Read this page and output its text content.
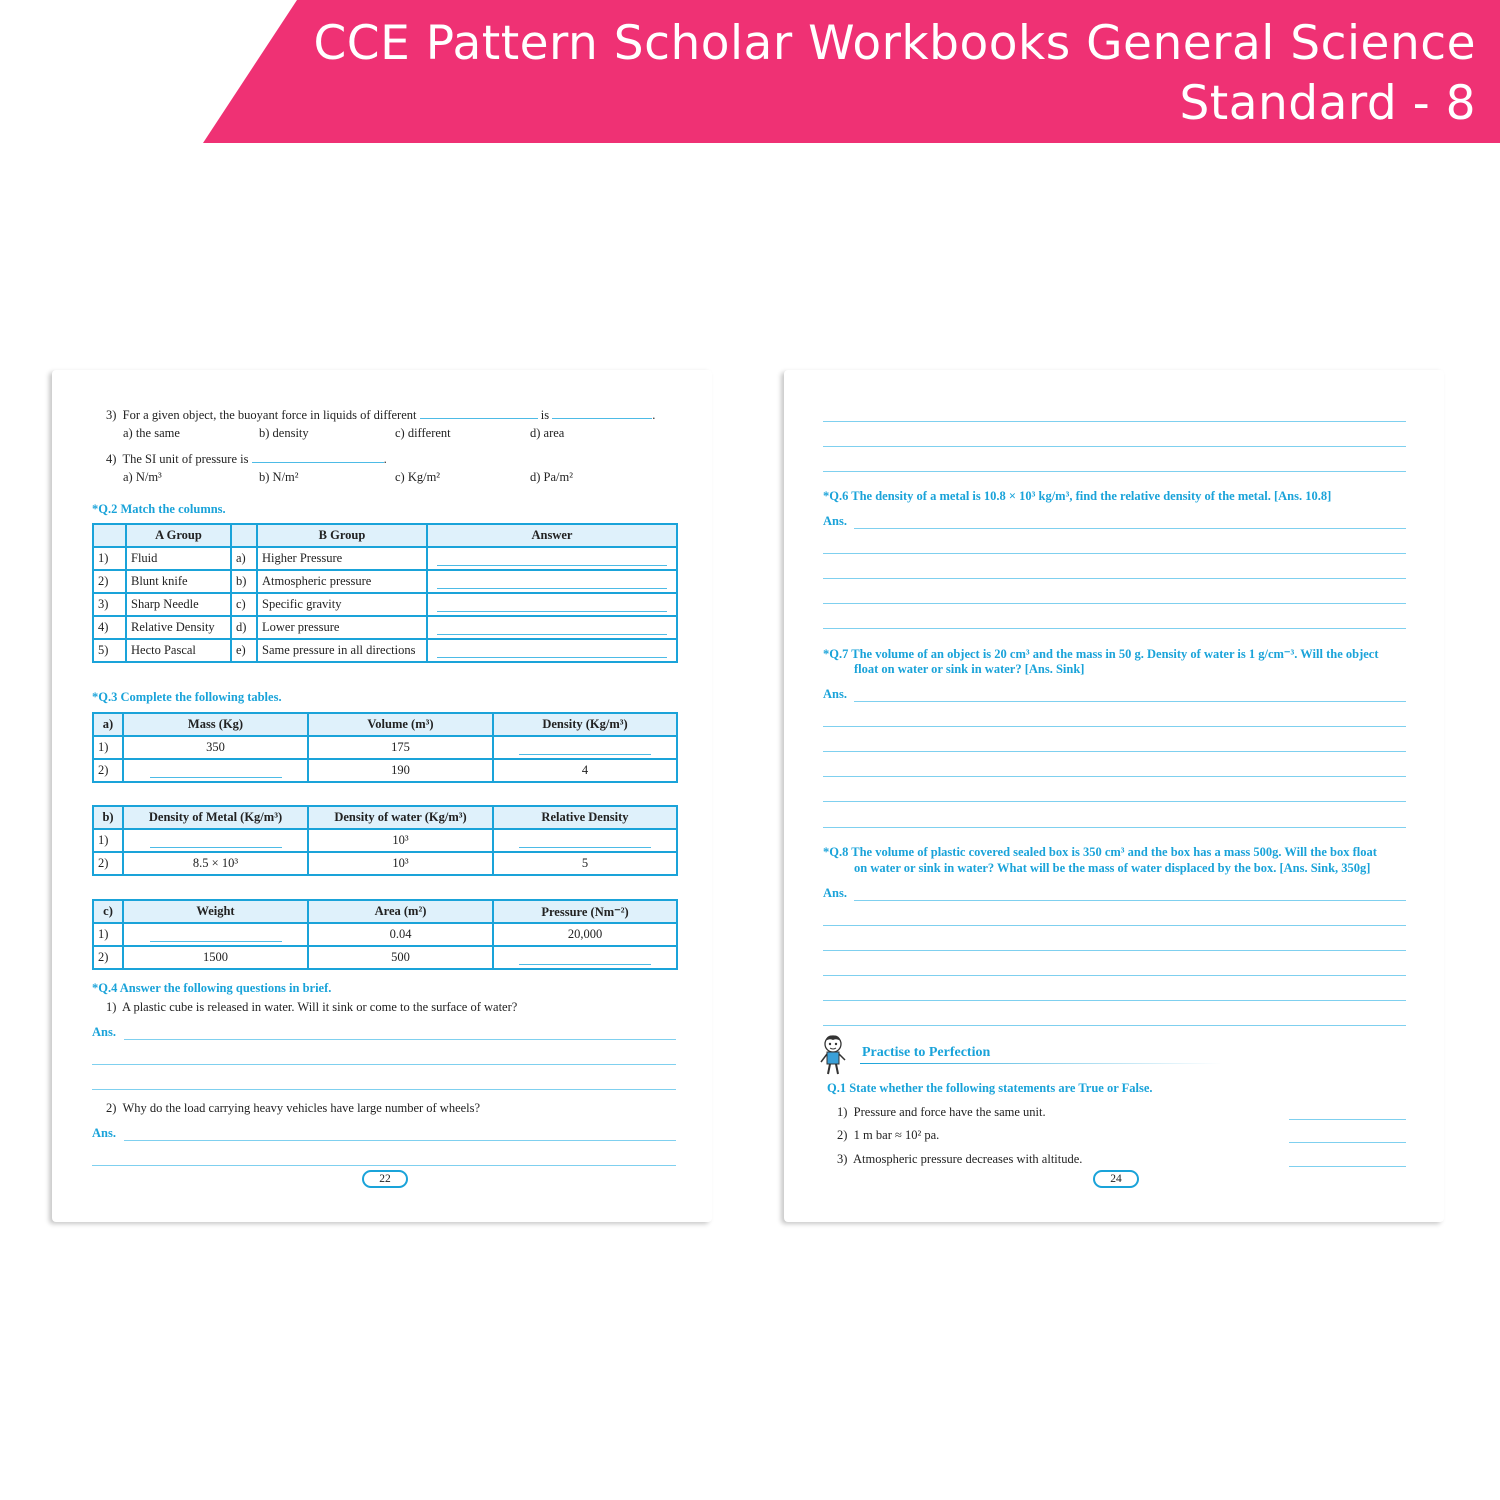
CCE Pattern Scholar Workbooks General Science
Standard - 8
3) For a given object, the buoyant force in liquids of different	is	.
a) the same	b) density	c) different	d) area
4) The SI unit of pressure is	.
a) N/m³	b) N/m²	c) Kg/m²	d) Pa/m²
*Q.2 Match the columns.
	A Group		B Group	Answer
1)	Fluid	a)	Higher Pressure	

2)	Blunt knife	b)	Atmospheric pressure	

3)	Sharp Needle	c)	Specific gravity	

4)	Relative Density	d)	Lower pressure	

5)	Hecto Pascal	e)	Same pressure in all directions	
*Q.3 Complete the following tables.
a)	Mass (Kg)	Volume (m³)	Density (Kg/m³)
1)	350	175	

2)		190	4
b)	Density of Metal (Kg/m³)	Density of water (Kg/m³)	Relative Density
1)		10³	

2)	8.5 × 10³	10³	5
c)	Weight	Area (m²)	Pressure (Nm⁻²)
1)		0.04	20,000
2)	1500	500	
*Q.4 Answer the following questions in brief.
1) A plastic cube is released in water. Will it sink or come to the surface of water?
Ans.
2) Why do the load carrying heavy vehicles have large number of wheels?
Ans.
22
*Q.6 The density of a metal is 10.8 × 10³ kg/m³, find the relative density of the metal. [Ans. 10.8]
Ans.
*Q.7 The volume of an object is 20 cm³ and the mass in 50 g. Density of water is 1 g/cm⁻³. Will the object
float on water or sink in water? [Ans. Sink]
Ans.
*Q.8 The volume of plastic covered sealed box is 350 cm³ and the box has a mass 500g. Will the box float
on water or sink in water? What will be the mass of water displaced by the box. [Ans. Sink, 350g]
Ans.
Practise to Perfection
Q.1 State whether the following statements are True or False.
1) Pressure and force have the same unit.
2) 1 m bar ≈ 10² pa.
3) Atmospheric pressure decreases with altitude.
24
